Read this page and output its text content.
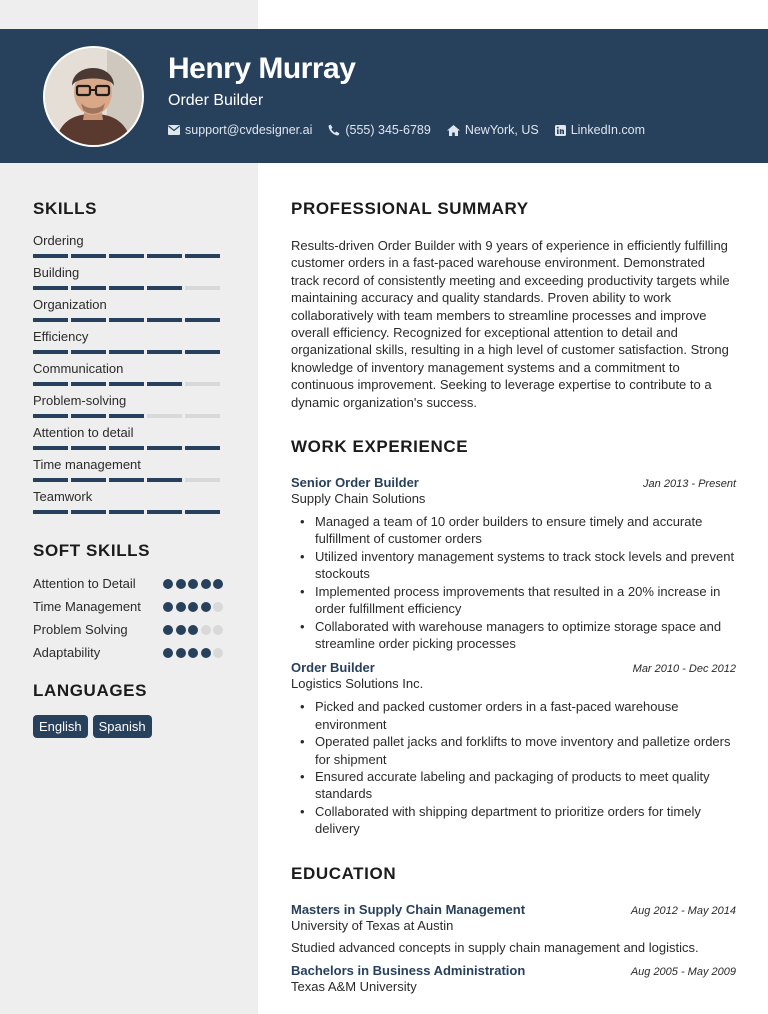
Henry Murray
Order Builder
support@cvdesigner.ai	(555) 345-6789	NewYork, US	LinkedIn.com
SKILLS
Ordering
Building
Organization
Efficiency
Communication
Problem-solving
Attention to detail
Time management
Teamwork
SOFT SKILLS
Attention to Detail
Time Management
Problem Solving
Adaptability
LANGUAGES
English	Spanish
PROFESSIONAL SUMMARY

Results-driven Order Builder with 9 years of experience in efficiently fulfilling customer orders in a fast-paced warehouse environment. Demonstrated track record of consistently meeting and exceeding productivity targets while maintaining accuracy and quality standards. Proven ability to work collaboratively with team members to streamline processes and improve overall efficiency. Recognized for exceptional attention to detail and organizational skills, resulting in a high level of customer satisfaction. Strong knowledge of inventory management systems and a commitment to continuous improvement. Seeking to leverage expertise to contribute to a dynamic organization's success.

WORK EXPERIENCE
Senior Order Builder	Jan 2013 - Present
Supply Chain Solutions
• Managed a team of 10 order builders to ensure timely and accurate fulfillment of customer orders
• Utilized inventory management systems to track stock levels and prevent stockouts
• Implemented process improvements that resulted in a 20% increase in order fulfillment efficiency
• Collaborated with warehouse managers to optimize storage space and streamline order picking processes
Order Builder	Mar 2010 - Dec 2012
Logistics Solutions Inc.
• Picked and packed customer orders in a fast-paced warehouse environment
• Operated pallet jacks and forklifts to move inventory and palletize orders for shipment
• Ensured accurate labeling and packaging of products to meet quality standards
• Collaborated with shipping department to prioritize orders for timely delivery
EDUCATION
Masters in Supply Chain Management	Aug 2012 - May 2014
University of Texas at Austin
Studied advanced concepts in supply chain management and logistics.
Bachelors in Business Administration	Aug 2005 - May 2009
Texas A&M University
